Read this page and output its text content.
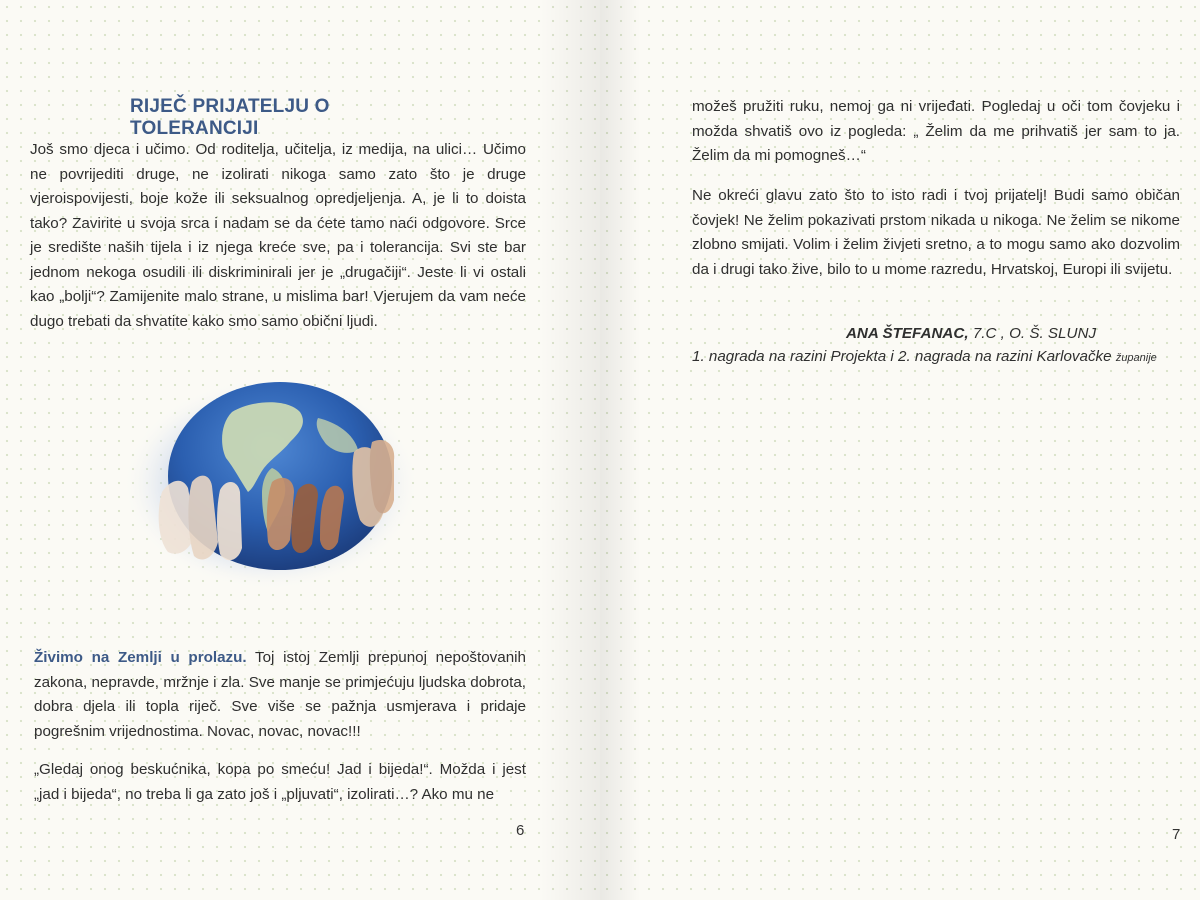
RIJEČ PRIJATELJU O TOLERANCIJI

Još smo djeca i učimo. Od roditelja, učitelja, iz medija, na ulici… Učimo ne povrijediti druge, ne izolirati nikoga samo zato što je druge vjeroispovijesti, boje kože ili seksualnog opredjeljenja. A, je li to doista tako? Zavirite u svoja srca i nadam se da ćete tamo naći odgovore. Srce je središte naših tijela i iz njega kreće sve, pa i tolerancija. Svi ste bar jednom nekoga osudili ili diskriminirali jer je „drugačiji“. Jeste li vi ostali kao „bolji“? Zamijenite malo strane, u mislima bar! Vjerujem da vam neće dugo trebati da shvatite kako smo samo obični ljudi.

Živimo na Zemlji u prolazu. Toj istoj Zemlji prepunoj nepoštovanih zakona, nepravde, mržnje i zla. Sve manje se primjećuju ljudska dobrota, dobra djela ili topla riječ. Sve više se pažnja usmjerava i pridaje pogrešnim vrijednostima. Novac, novac, novac!!!

„Gledaj onog beskućnika, kopa po smeću! Jad i bijeda!“. Možda i jest „jad i bijeda“, no treba li ga zato još i „pljuvati“, izolirati…? Ako mu ne

6

možeš pružiti ruku, nemoj ga ni vrijeđati. Pogledaj u oči tom čovjeku i možda shvatiš ovo iz pogleda: „ Želim da me prihvatiš jer sam to ja. Želim da mi pomogneš…“

Ne okreći glavu zato što to isto radi i tvoj prijatelj! Budi samo običan čovjek! Ne želim pokazivati prstom nikada u nikoga. Ne želim se nikome zlobno smijati. Volim i želim živjeti sretno, a to mogu samo ako dozvolim da i drugi tako žive, bilo to u mome razredu, Hrvatskoj, Europi ili svijetu.

ANA ŠTEFANAC, 7.C , O. Š. SLUNJ
1. nagrada na razini Projekta i 2. nagrada na razini Karlovačke županije

7
